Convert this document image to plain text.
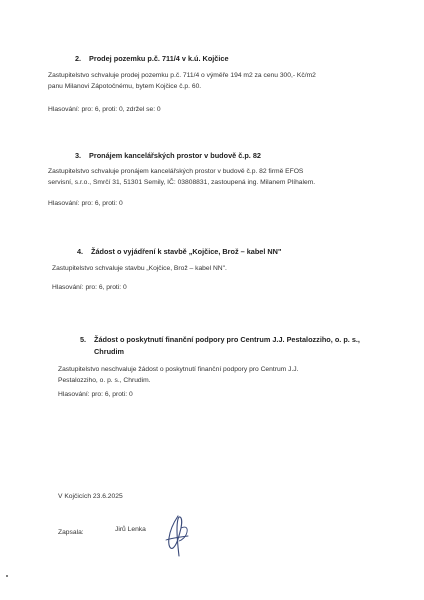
2. Prodej pozemku p.č. 711/4 v k.ú. Kojčice
Zastupitelstvo schvaluje prodej pozemku p.č. 711/4 o výměře 194 m2 za cenu 300,- Kč/m2
panu Milanovi Zápotočnému, bytem Kojčice č.p. 60.
Hlasování: pro: 6, proti: 0, zdržel se: 0
3. Pronájem kancelářských prostor v budově č.p. 82
Zastupitelstvo schvaluje pronájem kancelářských prostor v budově č.p. 82 firmě EFOS
servisní, s.r.o., Smrčí 31, 51301 Semily, IČ: 03808831, zastoupená ing. Milanem Plíhalem.
Hlasování: pro: 6, proti: 0
4. Žádost o vyjádření k stavbě „Kojčice, Brož – kabel NN"
Zastupitelstvo schvaluje stavbu „Kojčice, Brož – kabel NN".
Hlasování: pro: 6, proti: 0
5. Žádost o poskytnutí finanční podpory pro Centrum J.J. Pestalozziho, o. p. s.,
Chrudim
Zastupitelstvo neschvaluje žádost o poskytnutí finanční podpory pro Centrum J.J.
Pestalozziho, o. p. s., Chrudim.
Hlasování: pro: 6, proti: 0
V Kojčicích 23.6.2025
Zapsala:	Jirů Lenka
